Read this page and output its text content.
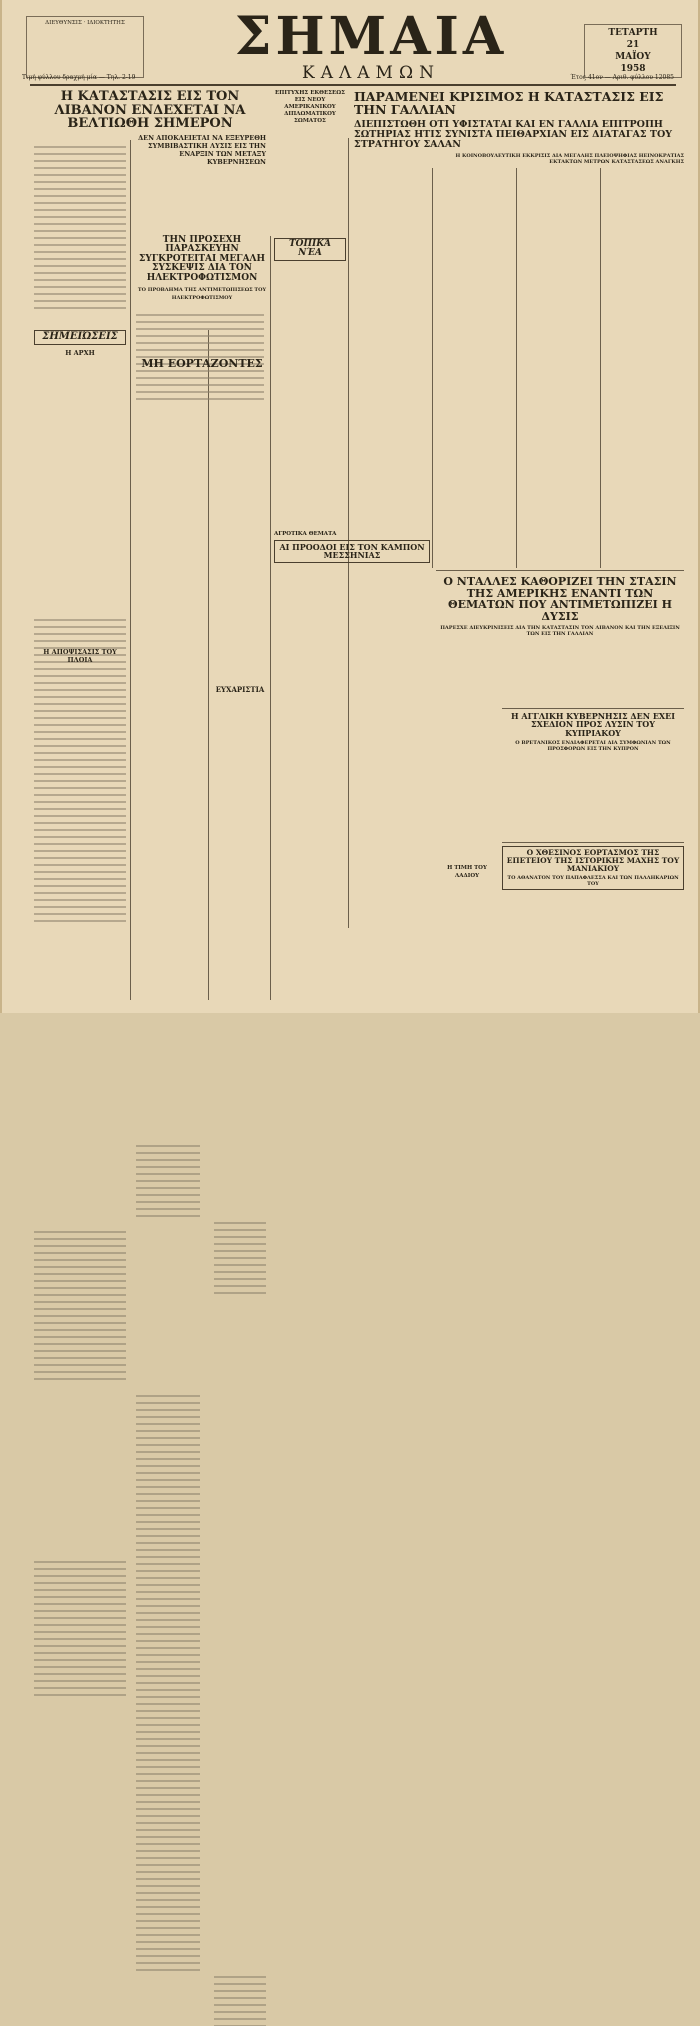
ΔΙΕΥΘΥΝΣΙΣ · ΙΔΙΟΚΤΗΤΗΣ ΣΗΜΑΙΑ
ΚΑΛΑΜΩΝ
ΤΕΤΑΡΤΗ
21
ΜΑΪΟΥ
1958
Τιμή φύλλου δραχμή μία — Τηλ. 2-19	Έτος 41ον — Αριθ. φύλλου 12085
Η ΚΑΤΑΣΤΑΣΙΣ ΕΙΣ ΤΟΝ ΛΙΒΑΝΟΝ ΕΝΔΕΧΕΤΑΙ ΝΑ ΒΕΛΤΙΩΘΗ ΣΗΜΕΡΟΝ
ΔΕΝ ΑΠΟΚΛΕΙΕΤΑΙ ΝΑ ΕΞΕΥΡΕΘΗ ΣΥΜΒΙΒΑΣΤΙΚΗ ΛΥΣΙΣ ΕΙΣ ΤΗΝ ΕΝΑΡΞΙΝ ΤΩΝ ΜΕΤΑΞΥ ΚΥΒΕΡΝΗΣΕΩΝ
ΣΗΜΕΙΏΣΕΙΣ
Η ΑΡΧΗ
Η ΑΠΟΨΙΣΑΣΙΣ ΤΟΥ ΠΛΟΙΑ
ΤΗΝ ΠΡΟΣΕΧΗ ΠΑΡΑΣΚΕΥΗΝ ΣΥΓΚΡΟΤΕΙΤΑΙ ΜΕΓΑΛΗ ΣΥΣΚΕΨΙΣ ΔΙΑ ΤΟΝ ΗΛΕΚΤΡΟΦΩΤΙΣΜΟΝ
ΤΟ ΠΡΟΒΛΗΜΑ ΤΗΣ ΑΝΤΙΜΕΤΩΠΙΣΕΩΣ ΤΟΥ ΗΛΕΚΤΡΟΦΩΤΙΣΜΟΥ
ΜΗ ΕΟΡΤΑΖΟΝΤΕΣ
ΕΥΧΑΡΙΣΤΙΑ
ΕΠΙΤΥΧΗΣ ΕΚΘΕΣΕΩΣ ΕΙΣ ΝΕΟΥ ΑΜΕΡΙΚΑΝΙΚΟΥ ΔΙΠΛΩΜΑΤΙΚΟΥ ΣΩΜΑΤΟΣ
ΤΟΠΙΚΆ ΝΈΑ
ΑΓΡΟΤΙΚΑ ΘΕΜΑΤΑ
ΑΙ ΠΡΟΟΔΟΙ ΕΙΣ ΤΟΝ ΚΑΜΠΟΝ ΜΕΣΣΗΝΙΑΣ
ΠΑΡΑΜΕΝΕΙ ΚΡΙΣΙΜΟΣ Η ΚΑΤΑΣΤΑΣΙΣ ΕΙΣ ΤΗΝ ΓΑΛΛΙΑΝ
ΔΙΕΠΙΣΤΩΘΗ ΟΤΙ ΥΦΙΣΤΑΤΑΙ ΚΑΙ ΕΝ ΓΑΛΛΙΑ ΕΠΙΤΡΟΠΗ ΣΩΤΗΡΙΑΣ ΗΤΙΣ ΣΥΝΙΣΤΑ ΠΕΙΘΑΡΧΙΑΝ ΕΙΣ ΔΙΑΤΑΓΑΣ ΤΟΥ ΣΤΡΑΤΗΓΟΥ ΣΑΛΑΝ
Η ΚΟΙΝΟΒΟΥΛΕΥΤΙΚΗ ΕΚΚΡΙΣΙΣ ΔΙΑ ΜΕΓΑΛΗΣ ΠΛΕΙΟΨΗΦΙΑΣ ΗΕΙΝΟΚΡΑΤΙΑΣ ΕΚΤΑΚΤΩΝ ΜΕΤΡΩΝ ΚΑΤΑΣΤΑΣΕΩΣ ΑΝΑΓΚΗΣ
Ο ΝΤΑΛΛΕΣ ΚΑΘΟΡΙΖΕΙ ΤΗΝ ΣΤΑΣΙΝ ΤΗΣ ΑΜΕΡΙΚΗΣ ΕΝΑΝΤΙ ΤΩΝ ΘΕΜΑΤΩΝ ΠΟΥ ΑΝΤΙΜΕΤΩΠΙΖΕΙ Η ΔΥΣΙΣ
ΠΑΡΕΣΧΕ ΔΙΕΥΚΡΙΝΙΣΕΙΣ ΔΙΑ ΤΗΝ ΚΑΤΑΣΤΑΣΙΝ ΤΟΝ ΛΙΒΑΝΟΝ ΚΑΙ ΤΗΝ ΕΞΕΛΙΞΙΝ ΤΩΝ ΕΙΣ ΤΗΝ ΓΑΛΛΙΑΝ
Η ΑΓΓΛΙΚΗ ΚΥΒΕΡΝΗΣΙΣ ΔΕΝ ΕΧΕΙ ΣΧΕΔΙΟΝ ΠΡΟΣ ΛΥΣΙΝ ΤΟΥ ΚΥΠΡΙΑΚΟΥ
Ο ΒΡΕΤΑΝΙΚΟΣ ΕΝΔΙΑΦΕΡΕΤΑΙ ΔΙΑ ΣΥΜΦΩΝΙΑΝ ΤΩΝ ΠΡΟΣΦΟΡΩΝ ΕΙΣ ΤΗΝ ΚΥΠΡΟΝ
Ο ΧΘΕΣΙΝΟΣ ΕΟΡΤΑΣΜΟΣ ΤΗΣ ΕΠΕΤΕΙΟΥ ΤΗΣ ΙΣΤΟΡΙΚΗΣ ΜΑΧΗΣ ΤΟΥ ΜΑΝΙΑΚΙΟΥ
ΤΟ ΑΘΑΝΑΤΟΝ ΤΟΥ ΠΑΠΑΦΛΕΣΣΑ ΚΑΙ ΤΩΝ ΠΑΛΛΗΚΑΡΙΩΝ ΤΟΥ
Η ΤΙΜΗ ΤΟΥ ΛΑΔΙΟΥ
